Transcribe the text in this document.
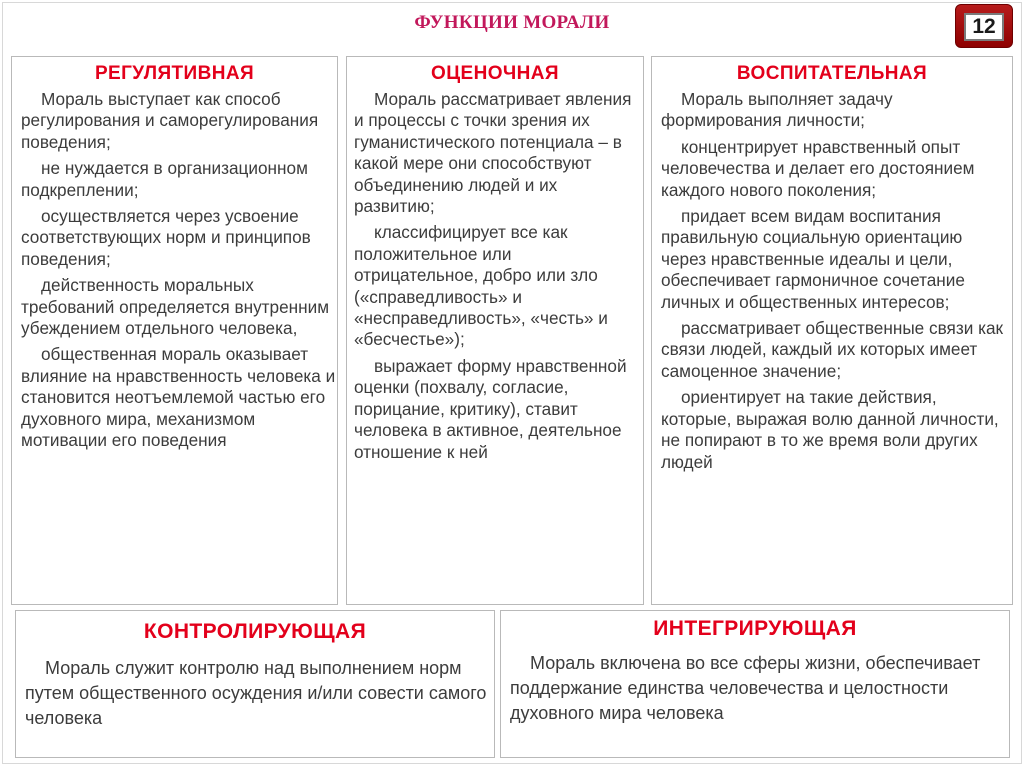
ФУНКЦИИ МОРАЛИ	12
РЕГУЛЯТИВНАЯ

Мораль выступает как способ регулирования и саморегулирования поведения;

не нуждается в организационном подкреплении;

осуществляется через усвоение соответствующих норм и принципов поведения;

действенность моральных требований определяется внутренним убеждением отдельного человека,

общественная мораль оказывает влияние на нравственность человека и становится неотъемлемой частью его духовного мира, механизмом мотивации его поведения

ОЦЕНОЧНАЯ

Мораль рассматривает явления и процессы с точки зрения их гуманистического потенциала – в какой мере они способствуют объединению людей и их развитию;

классифицирует все как положительное или отрицательное, добро или зло («справедливость» и «несправедливость», «честь» и «бесчестье»);

выражает форму нравственной оценки (похвалу, согласие, порицание, критику), ставит человека в активное, деятельное отношение к ней

ВОСПИТАТЕЛЬНАЯ

Мораль выполняет задачу формирования личности;

концентрирует нравственный опыт человечества и делает его достоянием каждого нового поколения;

придает всем видам воспитания правильную социальную ориентацию через нравственные идеалы и цели, обеспечивает гармоничное сочетание личных и общественных интересов;

рассматривает общественные связи как связи людей, каждый их которых имеет самоценное значение;

ориентирует на такие действия, которые, выражая волю данной личности, не попирают в то же время воли других людей

КОНТРОЛИРУЮЩАЯ

Мораль служит контролю над выполнением норм путем общественного осуждения и/или совести самого человека

ИНТЕГРИРУЮЩАЯ

Мораль включена во все сферы жизни, обеспечивает поддержание единства человечества и целостности духовного мира человека
